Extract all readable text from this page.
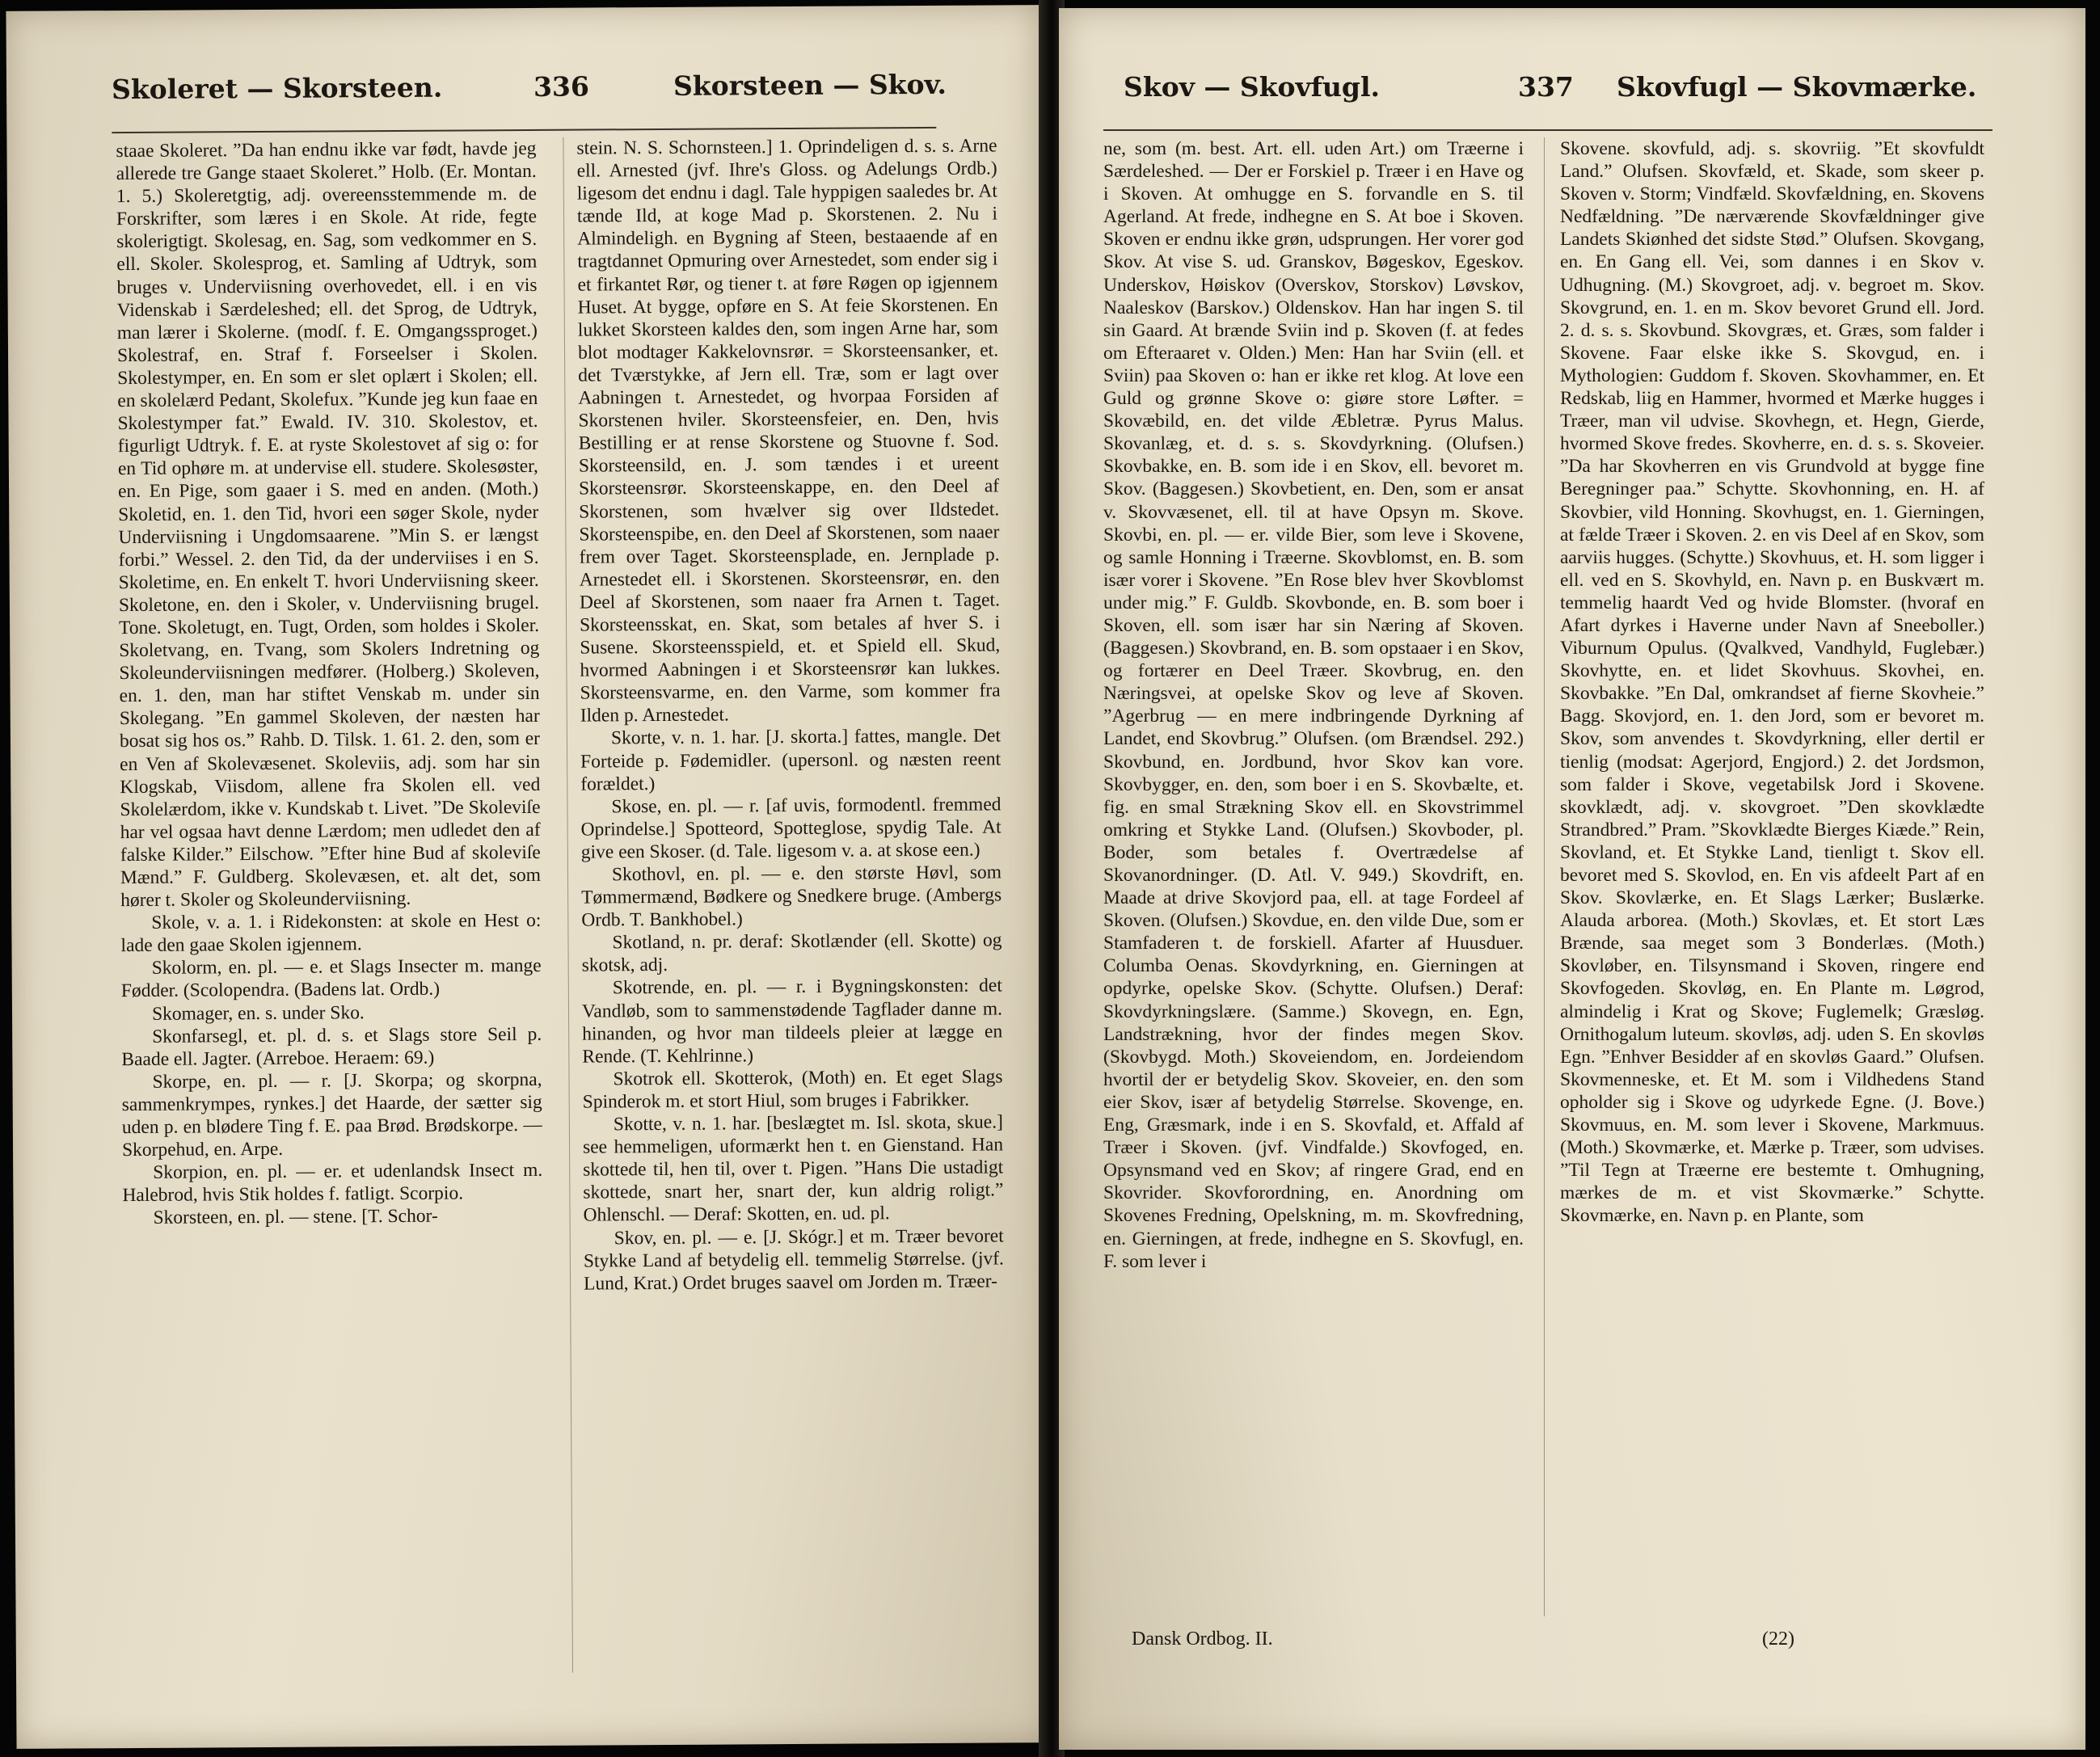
Skoleret — Skorsteen.	336	Skorsteen — Skov.

staae Skoleret. ”Da han endnu ikke var født, havde jeg allerede tre Gange staaet Skoleret.” Holb. (Er. Montan. 1. 5.) Skoleretgtig, adj. overeensstemmende m. de Forskrifter, som læres i en Skole. At ride, fegte skolerigtigt. Skolesag, en. Sag, som vedkommer en S. ell. Skoler. Skolesprog, et. Samling af Udtryk, som bruges v. Underviisning overhovedet, ell. i en vis Videnskab i Særdeleshed; ell. det Sprog, de Udtryk, man lærer i Skolerne. (modſ. f. E. Omgangssproget.) Skolestraf, en. Straf f. Forseelser i Skolen. Skolestymper, en. En som er slet oplært i Skolen; ell. en skolelærd Pedant, Skolefux. ”Kunde jeg kun faae en Skolestymper fat.” Ewald. IV. 310. Skolestov, et. figurligt Udtryk. f. E. at ryste Skolestovet af sig o: for en Tid ophøre m. at undervise ell. studere. Skolesøster, en. En Pige, som gaaer i S. med en anden. (Moth.) Skoletid, en. 1. den Tid, hvori een søger Skole, nyder Underviisning i Ungdomsaarene. ”Min S. er længst forbi.” Wessel. 2. den Tid, da der underviises i en S. Skoletime, en. En enkelt T. hvori Underviisning skeer. Skoletone, en. den i Skoler, v. Underviisning brugel. Tone. Skoletugt, en. Tugt, Orden, som holdes i Skoler. Skoletvang, en. Tvang, som Skolers Indretning og Skoleunderviisningen medfører. (Holberg.) Skoleven, en. 1. den, man har stiftet Venskab m. under sin Skolegang. ”En gammel Skoleven, der næsten har bosat sig hos os.” Rahb. D. Tilsk. 1. 61. 2. den, som er en Ven af Skolevæsenet. Skoleviis, adj. som har sin Klogskab, Viisdom, allene fra Skolen ell. ved Skolelærdom, ikke v. Kundskab t. Livet. ”De Skoleviſe har vel ogsaa havt denne Lærdom; men udledet den af falske Kilder.” Eilschow. ”Efter hine Bud af skoleviſe Mænd.” F. Guldberg. Skolevæsen, et. alt det, som hører t. Skoler og Skoleunderviisning.

Skole, v. a. 1. i Ridekonsten: at skole en Hest o: lade den gaae Skolen igjennem.

Skolorm, en. pl. — e. et Slags Insecter m. mange Fødder. (Scolopendra. (Badens lat. Ordb.)

Skomager, en. s. under Sko.

Skonfarsegl, et. pl. d. s. et Slags store Seil p. Baade ell. Jagter. (Arreboe. Heraem: 69.)

Skorpe, en. pl. — r. [J. Skorpa; og skorpna, sammenkrympes, rynkes.] det Haarde, der sætter sig uden p. en blødere Ting f. E. paa Brød. Brødskorpe. — Skorpehud, en. Arpe.

Skorpion, en. pl. — er. et udenlandsk Insect m. Halebrod, hvis Stik holdes f. fatligt. Scorpio.

Skorsteen, en. pl. — stene. [T. Schor-

stein. N. S. Schornsteen.] 1. Oprindeligen d. s. s. Arne ell. Arnested (jvf. Ihre's Gloss. og Adelungs Ordb.) ligesom det endnu i dagl. Tale hyppigen saaledes br. At tænde Ild, at koge Mad p. Skorstenen. 2. Nu i Almindeligh. en Bygning af Steen, bestaaende af en tragtdannet Opmuring over Arnestedet, som ender sig i et firkantet Rør, og tiener t. at føre Røgen op igjennem Huset. At bygge, opføre en S. At feie Skorstenen. En lukket Skorsteen kaldes den, som ingen Arne har, som blot modtager Kakkelovnsrør. = Skorsteensanker, et. det Tværstykke, af Jern ell. Træ, som er lagt over Aabningen t. Arnestedet, og hvorpaa Forsiden af Skorstenen hviler. Skorsteensfeier, en. Den, hvis Bestilling er at rense Skorstene og Stuovne f. Sod. Skorsteensild, en. J. som tændes i et ureent Skorsteensrør. Skorsteenskappe, en. den Deel af Skorstenen, som hvælver sig over Ildstedet. Skorsteenspibe, en. den Deel af Skorstenen, som naaer frem over Taget. Skorsteensplade, en. Jernplade p. Arnestedet ell. i Skorstenen. Skorsteensrør, en. den Deel af Skorstenen, som naaer fra Arnen t. Taget. Skorsteensskat, en. Skat, som betales af hver S. i Susene. Skorsteensspield, et. et Spield ell. Skud, hvormed Aabningen i et Skorsteensrør kan lukkes. Skorsteensvarme, en. den Varme, som kommer fra Ilden p. Arnestedet.

Skorte, v. n. 1. har. [J. skorta.] fattes, mangle. Det Forteide p. Fødemidler. (upersonl. og næsten reent forældet.)

Skose, en. pl. — r. [af uvis, formodentl. fremmed Oprindelse.] Spotteord, Spotteglose, spydig Tale. At give een Skoser. (d. Tale. ligesom v. a. at skose een.)

Skothovl, en. pl. — e. den største Høvl, som Tømmermænd, Bødkere og Snedkere bruge. (Ambergs Ordb. T. Bankhobel.)

Skotland, n. pr. deraf: Skotlænder (ell. Skotte) og skotsk, adj.

Skotrende, en. pl. — r. i Bygningskonsten: det Vandløb, som to sammenstødende Tagflader danne m. hinanden, og hvor man tildeels pleier at lægge en Rende. (T. Kehlrinne.)

Skotrok ell. Skotterok, (Moth) en. Et eget Slags Spinderok m. et stort Hiul, som bruges i Fabrikker.

Skotte, v. n. 1. har. [beslægtet m. Isl. skota, skue.] see hemmeligen, uformærkt hen t. en Gienstand. Han skottede til, hen til, over t. Pigen. ”Hans Die ustadigt skottede, snart her, snart der, kun aldrig roligt.” Ohlenschl. — Deraf: Skotten, en. ud. pl.

Skov, en. pl. — e. [J. Skógr.] et m. Træer bevoret Stykke Land af betydelig ell. temmelig Størrelse. (jvf. Lund, Krat.) Ordet bruges saavel om Jorden m. Træer-

Skov — Skovfugl.	337 Skovfugl — Skovmærke.

ne, som (m. best. Art. ell. uden Art.) om Træerne i Særdeleshed. — Der er Forskiel p. Træer i en Have og i Skoven. At omhugge en S. forvandle en S. til Agerland. At frede, indhegne en S. At boe i Skoven. Skoven er endnu ikke grøn, udsprungen. Her vorer god Skov. At vise S. ud. Granskov, Bøgeskov, Egeskov. Underskov, Høiskov (Overskov, Storskov) Løvskov, Naaleskov (Barskov.) Oldenskov. Han har ingen S. til sin Gaard. At brænde Sviin ind p. Skoven (f. at fedes om Efteraaret v. Olden.) Men: Han har Sviin (ell. et Sviin) paa Skoven o: han er ikke ret klog. At love een Guld og grønne Skove o: giøre store Løfter. = Skovæbild, en. det vilde Æbletræ. Pyrus Malus. Skovanlæg, et. d. s. s. Skovdyrkning. (Olufsen.) Skovbakke, en. B. som ide i en Skov, ell. bevoret m. Skov. (Baggesen.) Skovbetient, en. Den, som er ansat v. Skovvæsenet, ell. til at have Opsyn m. Skove. Skovbi, en. pl. — er. vilde Bier, som leve i Skovene, og samle Honning i Træerne. Skovblomst, en. B. som især vorer i Skovene. ”En Rose blev hver Skovblomst under mig.” F. Guldb. Skovbonde, en. B. som boer i Skoven, ell. som især har sin Næring af Skoven. (Baggesen.) Skovbrand, en. B. som opstaaer i en Skov, og fortærer en Deel Træer. Skovbrug, en. den Næringsvei, at opelske Skov og leve af Skoven. ”Agerbrug — en mere indbringende Dyrkning af Landet, end Skovbrug.” Olufsen. (om Brændsel. 292.) Skovbund, en. Jordbund, hvor Skov kan vore. Skovbygger, en. den, som boer i en S. Skovbælte, et. fig. en smal Strækning Skov ell. en Skovstrimmel omkring et Stykke Land. (Olufsen.) Skovboder, pl. Boder, som betales f. Overtrædelse af Skovanordninger. (D. Atl. V. 949.) Skovdrift, en. Maade at drive Skovjord paa, ell. at tage Fordeel af Skoven. (Olufsen.) Skovdue, en. den vilde Due, som er Stamfaderen t. de forskiell. Afarter af Huusduer. Columba Oenas. Skovdyrkning, en. Gierningen at opdyrke, opelske Skov. (Schytte. Olufsen.) Deraf: Skovdyrkningslære. (Samme.) Skovegn, en. Egn, Landstrækning, hvor der findes megen Skov. (Skovbygd. Moth.) Skoveiendom, en. Jordeiendom hvortil der er betydelig Skov. Skoveier, en. den som eier Skov, især af betydelig Størrelse. Skovenge, en. Eng, Græsmark, inde i en S. Skovfald, et. Affald af Træer i Skoven. (jvf. Vindfalde.) Skovfoged, en. Opsynsmand ved en Skov; af ringere Grad, end en Skovrider. Skovforordning, en. Anordning om Skovenes Fredning, Opelskning, m. m. Skovfredning, en. Gierningen, at frede, indhegne en S. Skovfugl, en. F. som lever i

Skovene. skovfuld, adj. s. skovriig. ”Et skovfuldt Land.” Olufsen. Skovfæld, et. Skade, som skeer p. Skoven v. Storm; Vindfæld. Skovfældning, en. Skovens Nedfældning. ”De nærværende Skovfældninger give Landets Skiønhed det sidste Stød.” Olufsen. Skovgang, en. En Gang ell. Vei, som dannes i en Skov v. Udhugning. (M.) Skovgroet, adj. v. begroet m. Skov. Skovgrund, en. 1. en m. Skov bevoret Grund ell. Jord. 2. d. s. s. Skovbund. Skovgræs, et. Græs, som falder i Skovene. Faar elske ikke S. Skovgud, en. i Mythologien: Guddom f. Skoven. Skovhammer, en. Et Redskab, liig en Hammer, hvormed et Mærke hugges i Træer, man vil udvise. Skovhegn, et. Hegn, Gierde, hvormed Skove fredes. Skovherre, en. d. s. s. Skoveier. ”Da har Skovherren en vis Grundvold at bygge fine Beregninger paa.” Schytte. Skovhonning, en. H. af Skovbier, vild Honning. Skovhugst, en. 1. Gierningen, at fælde Træer i Skoven. 2. en vis Deel af en Skov, som aarviis hugges. (Schytte.) Skovhuus, et. H. som ligger i ell. ved en S. Skovhyld, en. Navn p. en Buskvært m. temmelig haardt Ved og hvide Blomster. (hvoraf en Afart dyrkes i Haverne under Navn af Sneeboller.) Viburnum Opulus. (Qvalkved, Vandhyld, Fuglebær.) Skovhytte, en. et lidet Skovhuus. Skovhei, en. Skovbakke. ”En Dal, omkrandset af fierne Skovheie.” Bagg. Skovjord, en. 1. den Jord, som er bevoret m. Skov, som anvendes t. Skovdyrkning, eller dertil er tienlig (modsat: Agerjord, Engjord.) 2. det Jordsmon, som falder i Skove, vegetabilsk Jord i Skovene. skovklædt, adj. v. skovgroet. ”Den skovklædte Strandbred.” Pram. ”Skovklædte Bierges Kiæde.” Rein, Skovland, et. Et Stykke Land, tienligt t. Skov ell. bevoret med S. Skovlod, en. En vis afdeelt Part af en Skov. Skovlærke, en. Et Slags Lærker; Buslærke. Alauda arborea. (Moth.) Skovlæs, et. Et stort Læs Brænde, saa meget som 3 Bonderlæs. (Moth.) Skovløber, en. Tilsynsmand i Skoven, ringere end Skovfogeden. Skovløg, en. En Plante m. Løgrod, almindelig i Krat og Skove; Fuglemelk; Græsløg. Ornithogalum luteum. skovløs, adj. uden S. En skovløs Egn. ”Enhver Besidder af en skovløs Gaard.” Olufsen. Skovmenneske, et. Et M. som i Vildhedens Stand opholder sig i Skove og udyrkede Egne. (J. Bove.) Skovmuus, en. M. som lever i Skovene, Markmuus. (Moth.) Skovmærke, et. Mærke p. Træer, som udvises. ”Til Tegn at Træerne ere bestemte t. Omhugning, mærkes de m. et vist Skovmærke.” Schytte. Skovmærke, en. Navn p. en Plante, som

Dansk Ordbog. II.	(22)
